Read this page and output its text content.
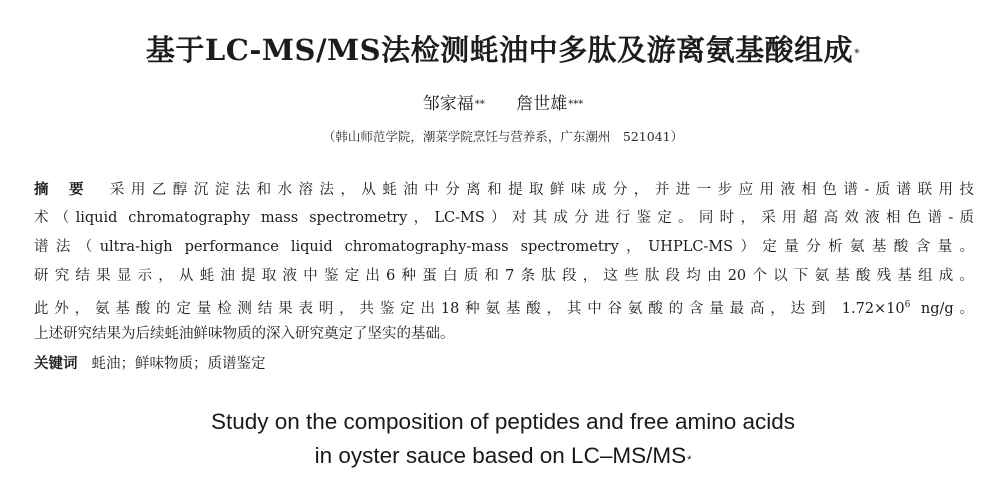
基于LC-MS/MS法检测蚝油中多肽及游离氨基酸组成*
邹家福** 詹世雄***
（韩山师范学院，潮菜学院烹饪与营养系，广东潮州　521041）
摘要 采用乙醇沉淀法和水溶法，从蚝油中分离和提取鲜味成分，并进一步应用液相色谱-质谱联用技
术（liquid chromatography mass spectrometry，LC-MS）对其成分进行鉴定。同时，采用超高效液相色谱-质
谱法（ultra-high performance liquid chromatography-mass spectrometry，UHPLC-MS）定量分析氨基酸含量。
研究结果显示，从蚝油提取液中鉴定出6种蛋白质和7条肽段，这些肽段均由20个以下氨基酸残基组成。
此外，氨基酸的定量检测结果表明，共鉴定出18种氨基酸，其中谷氨酸的含量最高，达到 $1.72\times 10^6$ ng/g。
上述研究结果为后续蚝油鲜味物质的深入研究奠定了坚实的基础。
关键词 蚝油；鲜味物质；质谱鉴定
Study on the composition of peptides and free amino acids
in oyster sauce based on LC–MS/MS*
